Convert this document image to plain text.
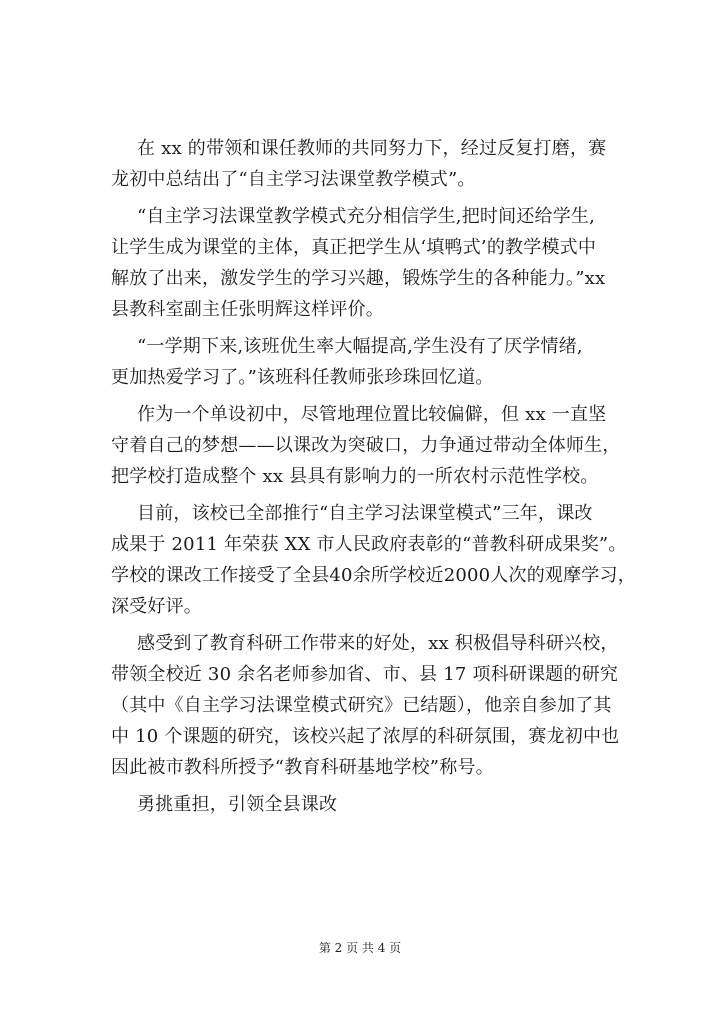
在 xx 的带领和课任教师的共同努力下，经过反复打磨，赛
龙初中总结出了“自主学习法课堂教学模式”。
“自主学习法课堂教学模式充分相信学生,把时间还给学生,
让学生成为课堂的主体，真正把学生从‘填鸭式’的教学模式中
解放了出来，激发学生的学习兴趣，锻炼学生的各种能力。”xx
县教科室副主任张明辉这样评价。
“一学期下来,该班优生率大幅提高,学生没有了厌学情绪,
更加热爱学习了。”该班科任教师张珍珠回忆道。
作为一个单设初中，尽管地理位置比较偏僻，但 xx 一直坚
守着自己的梦想——以课改为突破口，力争通过带动全体师生，
把学校打造成整个 xx 县具有影响力的一所农村示范性学校。
目前，该校已全部推行“自主学习法课堂模式”三年，课改
成果于 2011 年荣获 XX 市人民政府表彰的“普教科研成果奖”。
学校的课改工作接受了全县40余所学校近2000人次的观摩学习，
深受好评。
感受到了教育科研工作带来的好处，xx 积极倡导科研兴校，
带领全校近 30 余名老师参加省、市、县 17 项科研课题的研究
（其中《自主学习法课堂模式研究》已结题），他亲自参加了其
中 10 个课题的研究，该校兴起了浓厚的科研氛围，赛龙初中也
因此被市教科所授予“教育科研基地学校”称号。
勇挑重担，引领全县课改
第 2 页 共 4 页
